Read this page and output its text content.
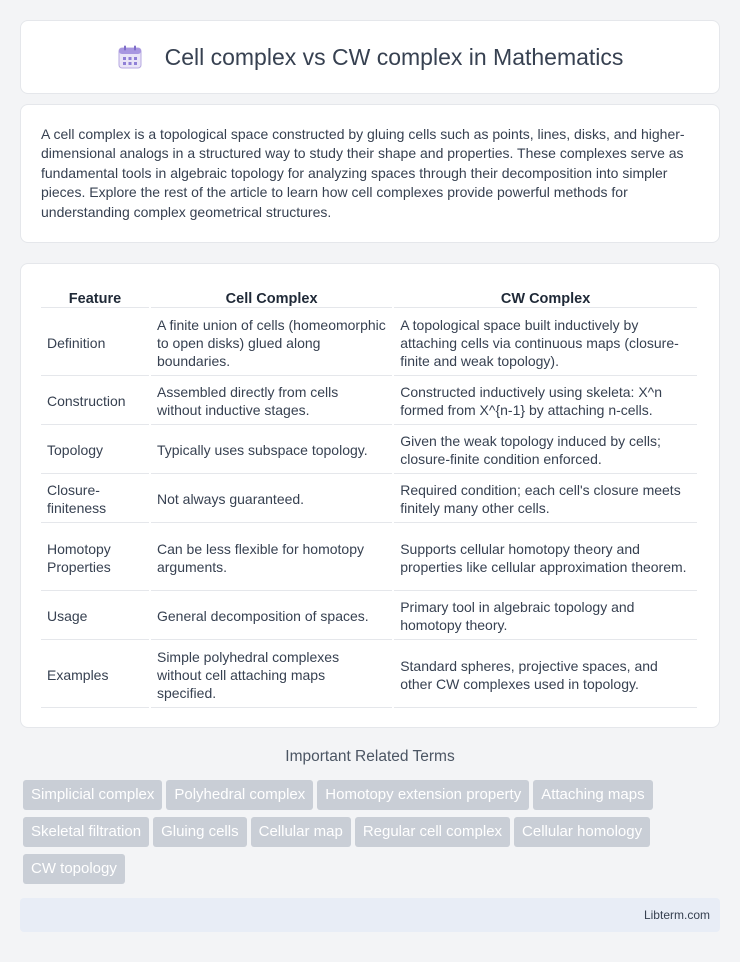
Cell complex vs CW complex in Mathematics

A cell complex is a topological space constructed by gluing cells such as points, lines, disks, and higher-dimensional analogs in a structured way to study their shape and properties. These complexes serve as fundamental tools in algebraic topology for analyzing spaces through their decomposition into simpler pieces. Explore the rest of the article to learn how cell complexes provide powerful methods for understanding complex geometrical structures.

Feature	Cell Complex	CW Complex
Definition	A finite union of cells (homeomorphic to open disks) glued along boundaries.	A topological space built inductively by attaching cells via continuous maps (closure-finite and weak topology).
Construction	Assembled directly from cells without inductive stages.	Constructed inductively using skeleta: X^n formed from X^{n-1} by attaching n-cells.
Topology	Typically uses subspace topology.	Given the weak topology induced by cells; closure-finite condition enforced.
Closure-finiteness	Not always guaranteed.	Required condition; each cell's closure meets finitely many other cells.
Homotopy Properties	Can be less flexible for homotopy arguments.	Supports cellular homotopy theory and properties like cellular approximation theorem.
Usage	General decomposition of spaces.	Primary tool in algebraic topology and homotopy theory.
Examples	Simple polyhedral complexes without cell attaching maps specified.	Standard spheres, projective spaces, and other CW complexes used in topology.
Important Related Terms
Simplicial complex Polyhedral complex Homotopy extension property Attaching maps
Skeletal filtration Gluing cells Cellular map Regular cell complex Cellular homology
CW topology
Libterm.com
